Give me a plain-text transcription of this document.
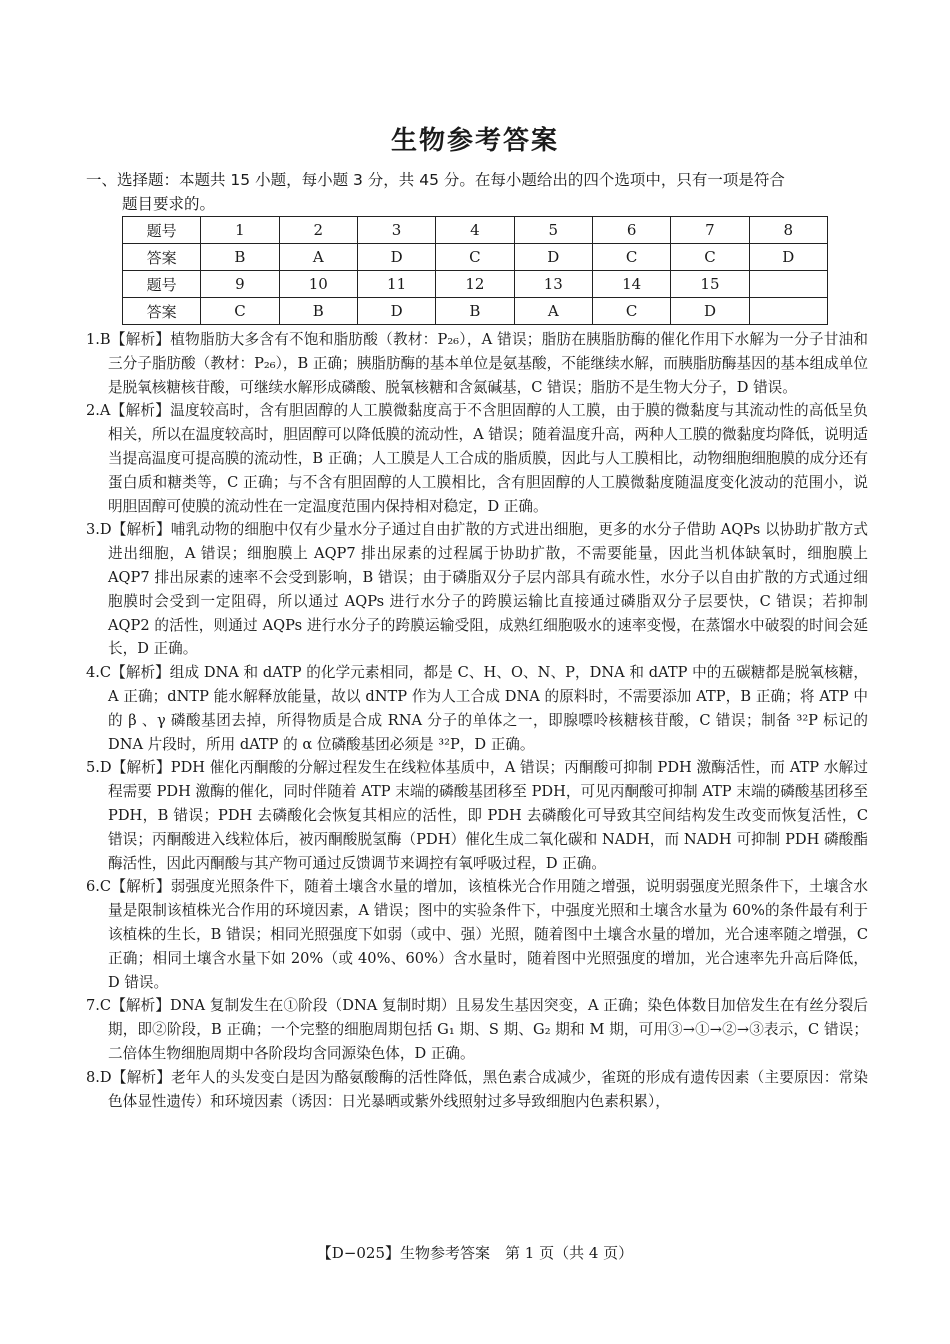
生物参考答案
一、选择题：本题共 15 小题，每小题 3 分，共 45 分。在每小题给出的四个选项中，只有一项是符合
题目要求的。
题号	1	2	3	4	5	6	7	8
答案	B	A	D	C	D	C	C	D
题号	9	10	11	12	13	14	15	
答案	C	B	D	B	A	C	D	

1.B【解析】植物脂肪大多含有不饱和脂肪酸（教材：P₂₆），A 错误；脂肪在胰脂肪酶的催化作用下水解为一分子甘油和三分子脂肪酸（教材：P₂₆），B 正确；胰脂肪酶的基本单位是氨基酸，不能继续水解，而胰脂肪酶基因的基本组成单位是脱氧核糖核苷酸，可继续水解形成磷酸、脱氧核糖和含氮碱基，C 错误；脂肪不是生物大分子，D 错误。

2.A【解析】温度较高时，含有胆固醇的人工膜微黏度高于不含胆固醇的人工膜，由于膜的微黏度与其流动性的高低呈负相关，所以在温度较高时，胆固醇可以降低膜的流动性，A 错误；随着温度升高，两种人工膜的微黏度均降低，说明适当提高温度可提高膜的流动性，B 正确；人工膜是人工合成的脂质膜，因此与人工膜相比，动物细胞细胞膜的成分还有蛋白质和糖类等，C 正确；与不含有胆固醇的人工膜相比，含有胆固醇的人工膜微黏度随温度变化波动的范围小，说明胆固醇可使膜的流动性在一定温度范围内保持相对稳定，D 正确。

3.D【解析】哺乳动物的细胞中仅有少量水分子通过自由扩散的方式进出细胞，更多的水分子借助 AQPs 以协助扩散方式进出细胞，A 错误；细胞膜上 AQP7 排出尿素的过程属于协助扩散，不需要能量，因此当机体缺氧时，细胞膜上 AQP7 排出尿素的速率不会受到影响，B 错误；由于磷脂双分子层内部具有疏水性，水分子以自由扩散的方式通过细胞膜时会受到一定阻碍，所以通过 AQPs 进行水分子的跨膜运输比直接通过磷脂双分子层要快，C 错误；若抑制 AQP2 的活性，则通过 AQPs 进行水分子的跨膜运输受阻，成熟红细胞吸水的速率变慢，在蒸馏水中破裂的时间会延长，D 正确。

4.C【解析】组成 DNA 和 dATP 的化学元素相同，都是 C、H、O、N、P，DNA 和 dATP 中的五碳糖都是脱氧核糖，A 正确；dNTP 能水解释放能量，故以 dNTP 作为人工合成 DNA 的原料时，不需要添加 ATP，B 正确；将 ATP 中的 β 、γ 磷酸基团去掉，所得物质是合成 RNA 分子的单体之一，即腺嘌呤核糖核苷酸，C 错误；制备 ³²P 标记的 DNA 片段时，所用 dATP 的 α 位磷酸基团必须是 ³²P，D 正确。

5.D【解析】PDH 催化丙酮酸的分解过程发生在线粒体基质中，A 错误；丙酮酸可抑制 PDH 激酶活性，而 ATP 水解过程需要 PDH 激酶的催化，同时伴随着 ATP 末端的磷酸基团移至 PDH，可见丙酮酸可抑制 ATP 末端的磷酸基团移至 PDH，B 错误；PDH 去磷酸化会恢复其相应的活性，即 PDH 去磷酸化可导致其空间结构发生改变而恢复活性，C 错误；丙酮酸进入线粒体后，被丙酮酸脱氢酶（PDH）催化生成二氧化碳和 NADH，而 NADH 可抑制 PDH 磷酸酯酶活性，因此丙酮酸与其产物可通过反馈调节来调控有氧呼吸过程，D 正确。

6.C【解析】弱强度光照条件下，随着土壤含水量的增加，该植株光合作用随之增强，说明弱强度光照条件下，土壤含水量是限制该植株光合作用的环境因素，A 错误；图中的实验条件下，中强度光照和土壤含水量为 60%的条件最有利于该植株的生长，B 错误；相同光照强度下如弱（或中、强）光照，随着图中土壤含水量的增加，光合速率随之增强，C 正确；相同土壤含水量下如 20%（或 40%、60%）含水量时，随着图中光照强度的增加，光合速率先升高后降低，D 错误。

7.C【解析】DNA 复制发生在①阶段（DNA 复制时期）且易发生基因突变，A 正确；染色体数目加倍发生在有丝分裂后期，即②阶段，B 正确；一个完整的细胞周期包括 G₁ 期、S 期、G₂ 期和 M 期，可用③→①→②→③表示，C 错误；二倍体生物细胞周期中各阶段均含同源染色体，D 正确。

8.D【解析】老年人的头发变白是因为酪氨酸酶的活性降低，黑色素合成减少，雀斑的形成有遗传因素（主要原因：常染色体显性遗传）和环境因素（诱因：日光暴晒或紫外线照射过多导致细胞内色素积累），

【D−025】生物参考答案　第 1 页（共 4 页）
